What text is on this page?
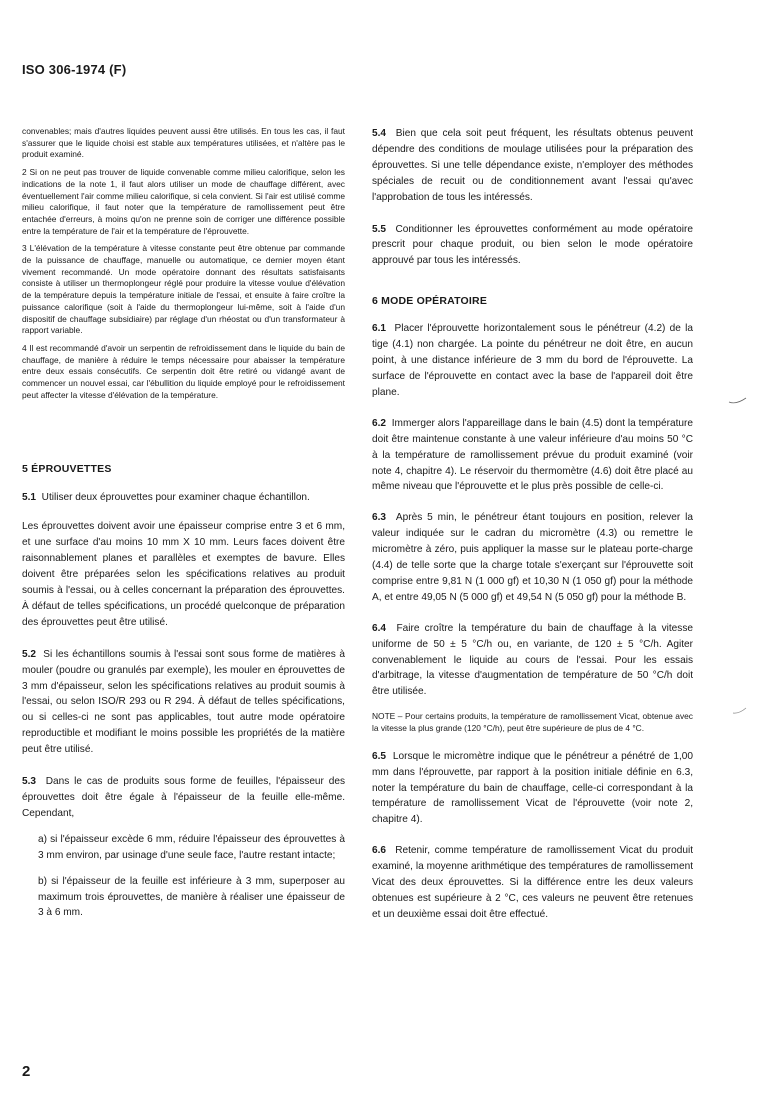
ISO 306-1974 (F)

convenables; mais d'autres liquides peuvent aussi être utilisés. En tous les cas, il faut s'assurer que le liquide choisi est stable aux températures utilisées, et n'altère pas le produit examiné.

2 Si on ne peut pas trouver de liquide convenable comme milieu calorifique, selon les indications de la note 1, il faut alors utiliser un mode de chauffage différent, avec éventuellement l'air comme milieu calorifique, si cela convient. Si l'air est utilisé comme milieu calorifique, il faut noter que la température de ramollissement peut être entachée d'erreurs, à moins qu'on ne prenne soin de corriger une différence possible entre la température de l'air et la température de l'éprouvette.

3 L'élévation de la température à vitesse constante peut être obtenue par commande de la puissance de chauffage, manuelle ou automatique, ce dernier moyen étant vivement recommandé. Un mode opératoire donnant des résultats satisfaisants consiste à utiliser un thermoplongeur réglé pour produire la vitesse voulue d'élévation de la température depuis la température initiale de l'essai, et ensuite à faire croître la puissance calorifique (soit à l'aide du thermoplongeur lui-même, soit à l'aide d'un dispositif de chauffage subsidiaire) par réglage d'un rhéostat ou d'un transformateur à rapport variable.

4 Il est recommandé d'avoir un serpentin de refroidissement dans le liquide du bain de chauffage, de manière à réduire le temps nécessaire pour abaisser la température entre deux essais consécutifs. Ce serpentin doit être retiré ou vidangé avant de commencer un nouvel essai, car l'ébullition du liquide employé pour le refroidissement peut affecter la vitesse d'élévation de la température.

5 ÉPROUVETTES

5.1 Utiliser deux éprouvettes pour examiner chaque échantillon.

Les éprouvettes doivent avoir une épaisseur comprise entre 3 et 6 mm, et une surface d'au moins 10 mm X 10 mm. Leurs faces doivent être raisonnablement planes et parallèles et exemptes de bavure. Elles doivent être préparées selon les spécifications relatives au produit soumis à l'essai, ou à celles concernant la préparation des éprouvettes. À défaut de telles spécifications, un procédé quelconque de préparation des éprouvettes peut être utilisé.

5.2 Si les échantillons soumis à l'essai sont sous forme de matières à mouler (poudre ou granulés par exemple), les mouler en éprouvettes de 3 mm d'épaisseur, selon les spécifications relatives au produit soumis à l'essai, ou selon ISO/R 293 ou R 294. À défaut de telles spécifications, ou si celles-ci ne sont pas applicables, tout autre mode opératoire reproductible et modifiant le moins possible les propriétés de la matière peut être utilisé.

5.3 Dans le cas de produits sous forme de feuilles, l'épaisseur des éprouvettes doit être égale à l'épaisseur de la feuille elle-même. Cependant,

a) si l'épaisseur excède 6 mm, réduire l'épaisseur des éprouvettes à 3 mm environ, par usinage d'une seule face, l'autre restant intacte;

b) si l'épaisseur de la feuille est inférieure à 3 mm, superposer au maximum trois éprouvettes, de manière à réaliser une épaisseur de 3 à 6 mm.

5.4 Bien que cela soit peut fréquent, les résultats obtenus peuvent dépendre des conditions de moulage utilisées pour la préparation des éprouvettes. Si une telle dépendance existe, n'employer des méthodes spéciales de recuit ou de conditionnement avant l'essai qu'avec l'approbation de tous les intéressés.

5.5 Conditionner les éprouvettes conformément au mode opératoire prescrit pour chaque produit, ou bien selon le mode opératoire approuvé par tous les intéressés.

6 MODE OPÉRATOIRE

6.1 Placer l'éprouvette horizontalement sous le pénétreur (4.2) de la tige (4.1) non chargée. La pointe du pénétreur ne doit être, en aucun point, à une distance inférieure de 3 mm du bord de l'éprouvette. La surface de l'éprouvette en contact avec la base de l'appareil doit être plane.

6.2 Immerger alors l'appareillage dans le bain (4.5) dont la température doit être maintenue constante à une valeur inférieure d'au moins 50 °C à la température de ramollissement prévue du produit examiné (voir note 4, chapitre 4). Le réservoir du thermomètre (4.6) doit être placé au même niveau que l'éprouvette et le plus près possible de celle-ci.

6.3 Après 5 min, le pénétreur étant toujours en position, relever la valeur indiquée sur le cadran du micromètre (4.3) ou remettre le micromètre à zéro, puis appliquer la masse sur le plateau porte-charge (4.4) de telle sorte que la charge totale s'exerçant sur l'éprouvette soit comprise entre 9,81 N (1 000 gf) et 10,30 N (1 050 gf) pour la méthode A, et entre 49,05 N (5 000 gf) et 49,54 N (5 050 gf) pour la méthode B.

6.4 Faire croître la température du bain de chauffage à la vitesse uniforme de 50 ± 5 °C/h ou, en variante, de 120 ± 5 °C/h. Agiter convenablement le liquide au cours de l'essai. Pour les essais d'arbitrage, la vitesse d'augmentation de température de 50 °C/h doit être utilisée.

NOTE – Pour certains produits, la température de ramollissement Vicat, obtenue avec la vitesse la plus grande (120 °C/h), peut être supérieure de plus de 4 °C.

6.5 Lorsque le micromètre indique que le pénétreur a pénétré de 1,00 mm dans l'éprouvette, par rapport à la position initiale définie en 6.3, noter la température du bain de chauffage, celle-ci correspondant à la température de ramollissement Vicat de l'éprouvette (voir note 2, chapitre 4).

6.6 Retenir, comme température de ramollissement Vicat du produit examiné, la moyenne arithmétique des températures de ramollissement Vicat des deux éprouvettes. Si la différence entre les deux valeurs obtenues est supérieure à 2 °C, ces valeurs ne peuvent être retenues et un deuxième essai doit être effectué.

2
